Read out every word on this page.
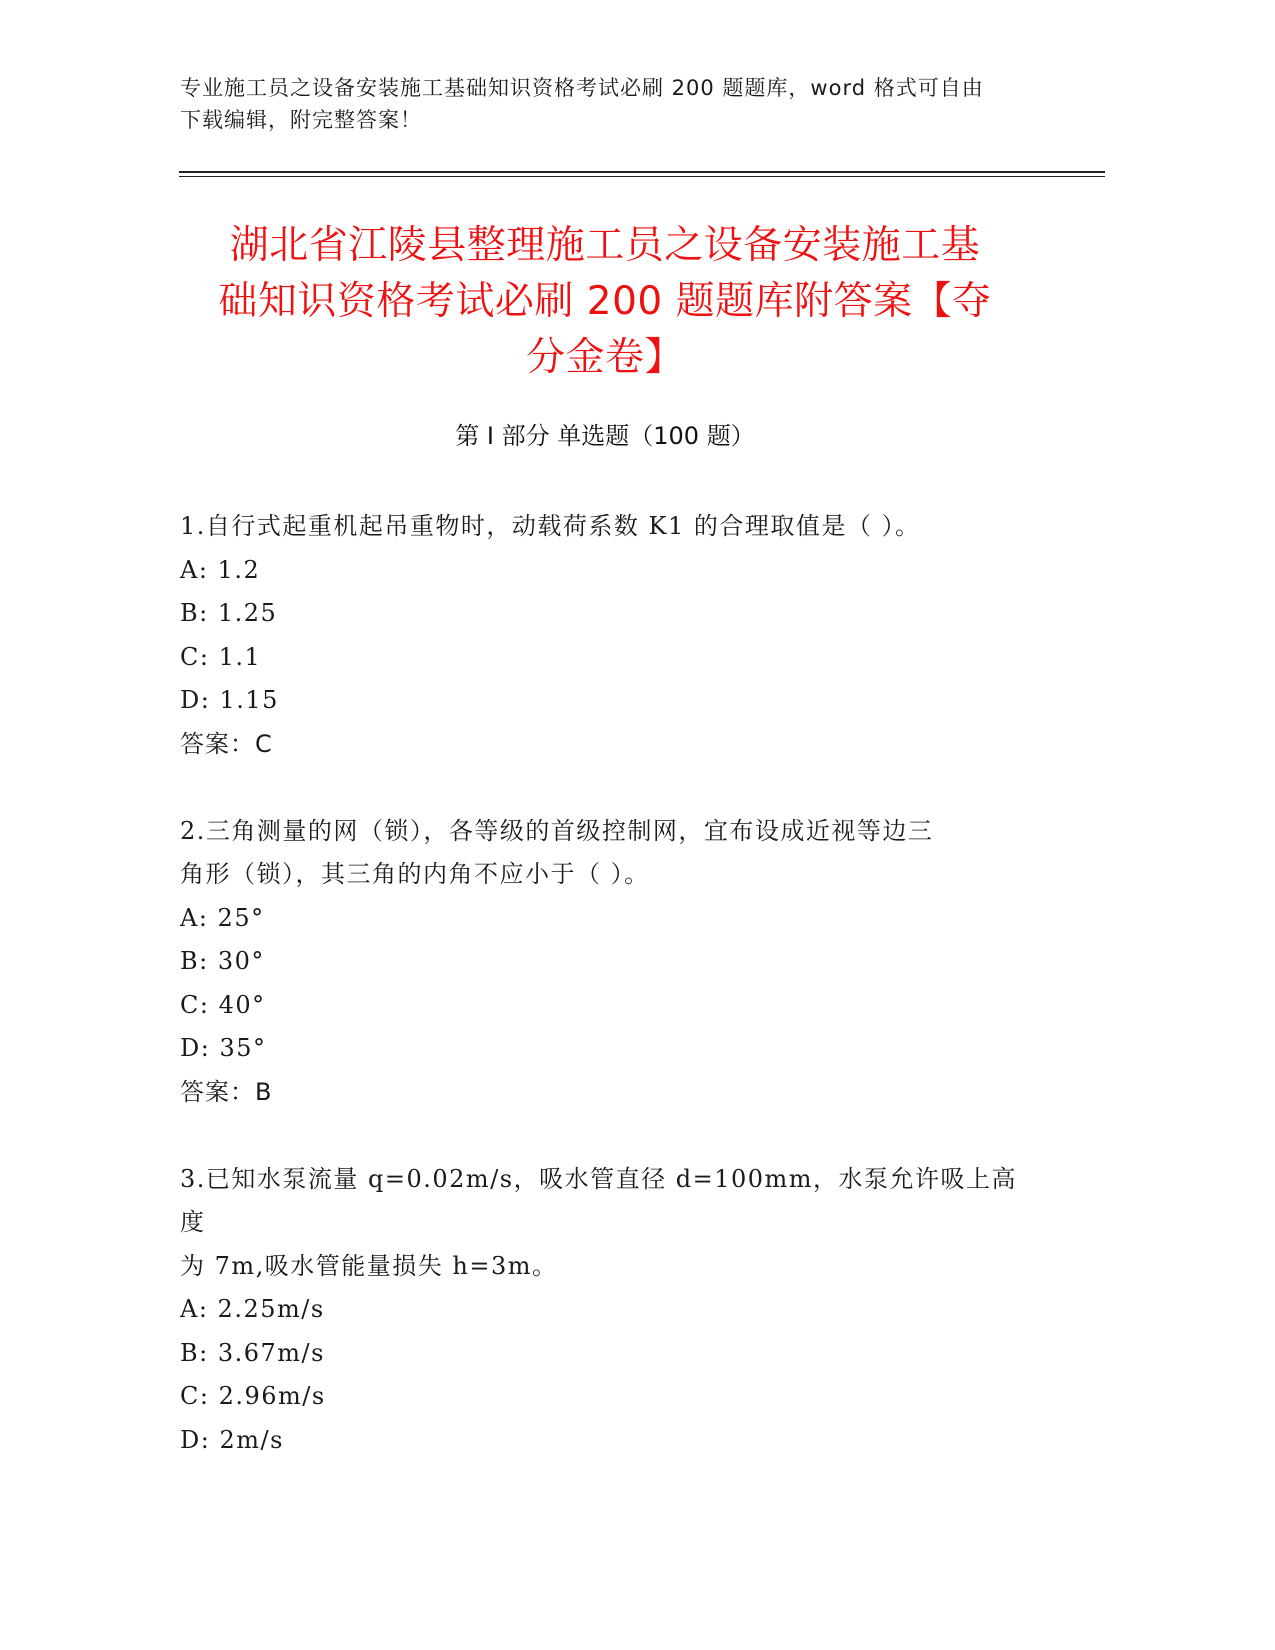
专业施工员之设备安装施工基础知识资格考试必刷 200 题题库，word 格式可自由
下载编辑，附完整答案！
湖北省江陵县整理施工员之设备安装施工基
础知识资格考试必刷 200 题题库附答案【夺
分金卷】
第 I 部分 单选题（100 题）
1.自行式起重机起吊重物时，动载荷系数 K1 的合理取值是（ ）。
A: 1.2
B: 1.25
C: 1.1
D: 1.15
答案：C
2.三角测量的网（锁），各等级的首级控制网，宜布设成近视等边三
角形（锁），其三角的内角不应小于（ ）。
A: 25°
B: 30°
C: 40°
D: 35°
答案：B
3.已知水泵流量 q=0.02m/s，吸水管直径 d=100mm，水泵允许吸上高度
为 7m,吸水管能量损失 h=3m。
A: 2.25m/s
B: 3.67m/s
C: 2.96m/s
D: 2m/s
